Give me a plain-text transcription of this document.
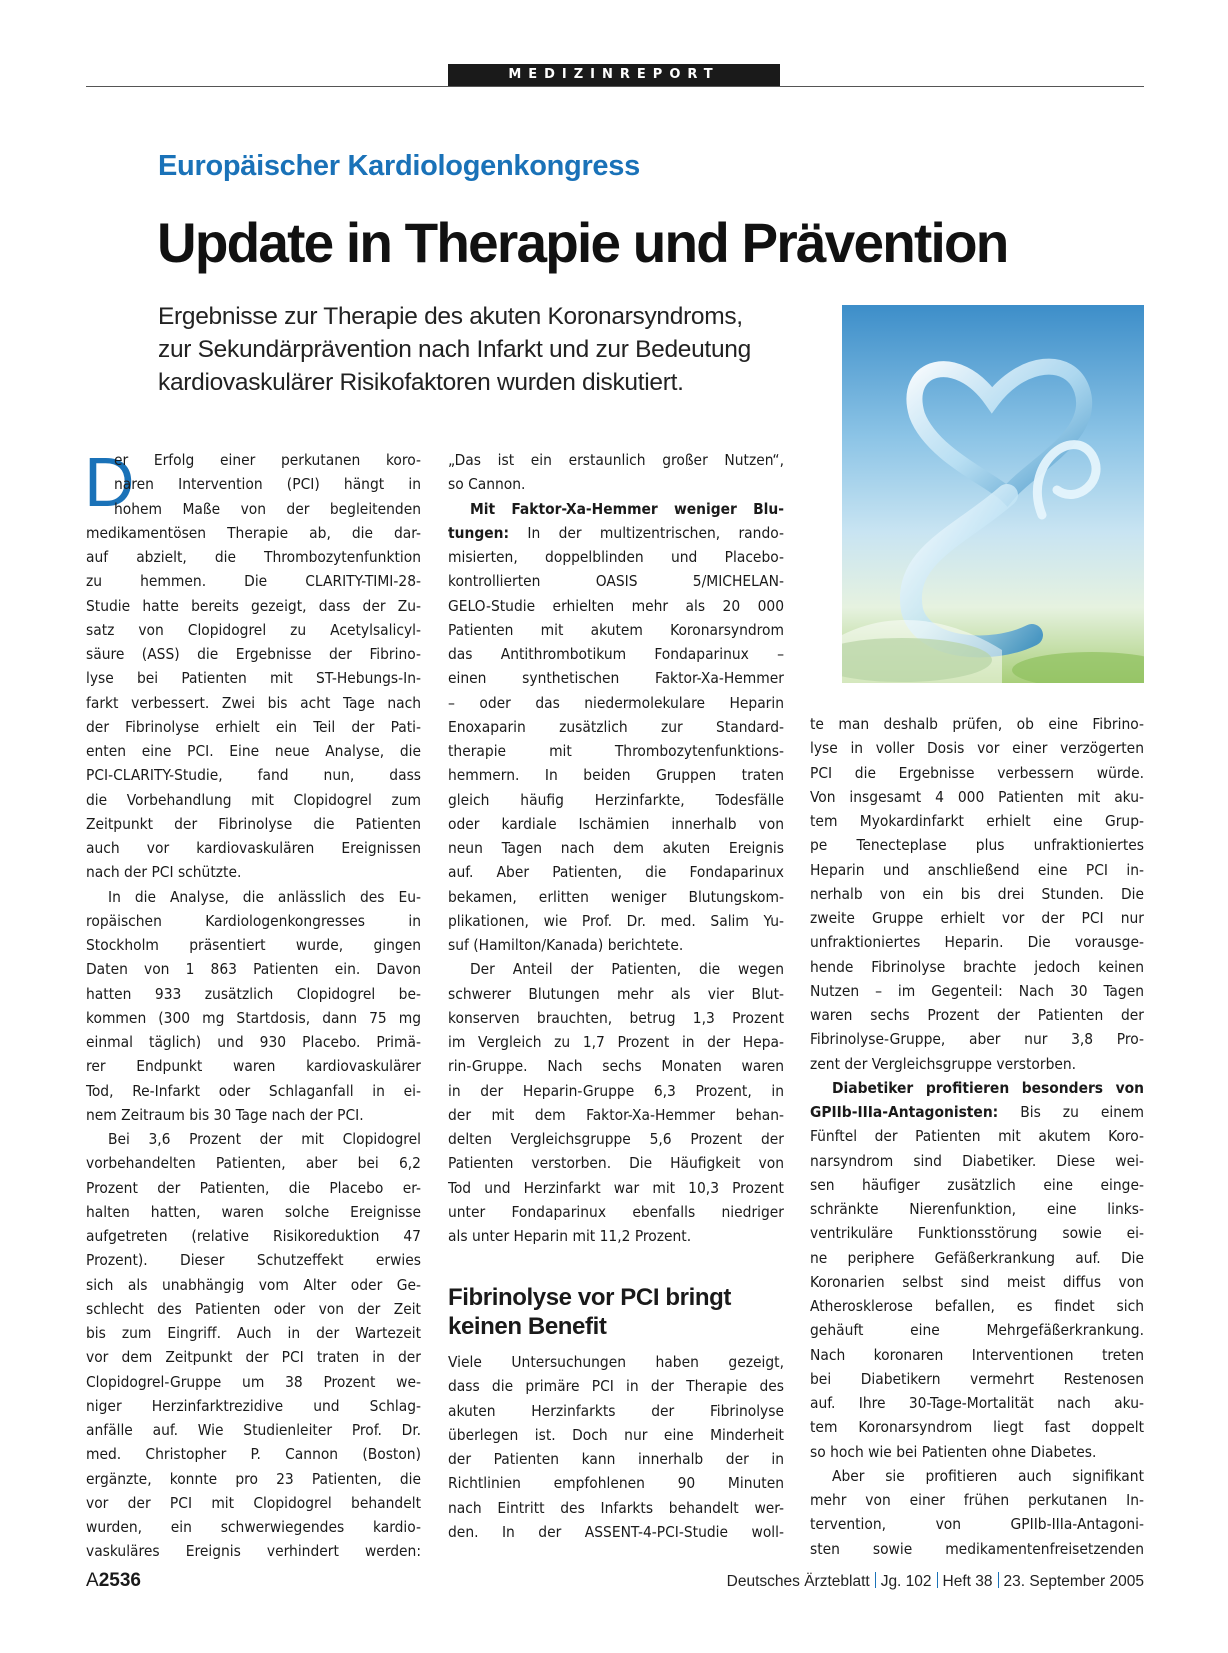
MEDIZINREPORT
Europäischer Kardiologenkongress
Update in Therapie und Prävention
Ergebnisse zur Therapie des akuten Koronarsyndroms,
zur Sekundärprävention nach Infarkt und zur Bedeutung
kardiovaskulärer Risikofaktoren wurden diskutiert.
D
er Erfolg einer perkutanen koro-
naren Intervention (PCI) hängt in
hohem Maße von der begleitenden
medikamentösen Therapie ab, die dar-
auf abzielt, die Thrombozytenfunktion
zu hemmen. Die CLARITY-TIMI-28-
Studie hatte bereits gezeigt, dass der Zu-
satz von Clopidogrel zu Acetylsalicyl-
säure (ASS) die Ergebnisse der Fibrino-
lyse bei Patienten mit ST-Hebungs-In-
farkt verbessert. Zwei bis acht Tage nach
der Fibrinolyse erhielt ein Teil der Pati-
enten eine PCI. Eine neue Analyse, die
PCI-CLARITY-Studie, fand nun, dass
die Vorbehandlung mit Clopidogrel zum
Zeitpunkt der Fibrinolyse die Patienten
auch vor kardiovaskulären Ereignissen
nach der PCI schützte.
In die Analyse, die anlässlich des Eu-
ropäischen Kardiologenkongresses in
Stockholm präsentiert wurde, gingen
Daten von 1 863 Patienten ein. Davon
hatten 933 zusätzlich Clopidogrel be-
kommen (300 mg Startdosis, dann 75 mg
einmal täglich) und 930 Placebo. Primä-
rer Endpunkt waren kardiovaskulärer
Tod, Re-Infarkt oder Schlaganfall in ei-
nem Zeitraum bis 30 Tage nach der PCI.
Bei 3,6 Prozent der mit Clopidogrel
vorbehandelten Patienten, aber bei 6,2
Prozent der Patienten, die Placebo er-
halten hatten, waren solche Ereignisse
aufgetreten (relative Risikoreduktion 47
Prozent). Dieser Schutzeffekt erwies
sich als unabhängig vom Alter oder Ge-
schlecht des Patienten oder von der Zeit
bis zum Eingriff. Auch in der Wartezeit
vor dem Zeitpunkt der PCI traten in der
Clopidogrel-Gruppe um 38 Prozent we-
niger Herzinfarktrezidive und Schlag-
anfälle auf. Wie Studienleiter Prof. Dr.
med. Christopher P. Cannon (Boston)
ergänzte, konnte pro 23 Patienten, die
vor der PCI mit Clopidogrel behandelt
wurden, ein schwerwiegendes kardio-
vaskuläres Ereignis verhindert werden:
„Das ist ein erstaunlich großer Nutzen“,
so Cannon.
Mit Faktor-Xa-Hemmer weniger Blu-
tungen: In der multizentrischen, rando-
misierten, doppelblinden und Placebo-
kontrollierten OASIS 5/MICHELAN-
GELO-Studie erhielten mehr als 20 000
Patienten mit akutem Koronarsyndrom
das Antithrombotikum Fondaparinux –
einen synthetischen Faktor-Xa-Hemmer
– oder das niedermolekulare Heparin
Enoxaparin zusätzlich zur Standard-
therapie mit Thrombozytenfunktions-
hemmern. In beiden Gruppen traten
gleich häufig Herzinfarkte, Todesfälle
oder kardiale Ischämien innerhalb von
neun Tagen nach dem akuten Ereignis
auf. Aber Patienten, die Fondaparinux
bekamen, erlitten weniger Blutungskom-
plikationen, wie Prof. Dr. med. Salim Yu-
suf (Hamilton/Kanada) berichtete.
Der Anteil der Patienten, die wegen
schwerer Blutungen mehr als vier Blut-
konserven brauchten, betrug 1,3 Prozent
im Vergleich zu 1,7 Prozent in der Hepa-
rin-Gruppe. Nach sechs Monaten waren
in der Heparin-Gruppe 6,3 Prozent, in
der mit dem Faktor-Xa-Hemmer behan-
delten Vergleichsgruppe 5,6 Prozent der
Patienten verstorben. Die Häufigkeit von
Tod und Herzinfarkt war mit 10,3 Prozent
unter Fondaparinux ebenfalls niedriger
als unter Heparin mit 11,2 Prozent.
Fibrinolyse vor PCI bringt
keinen Benefit
Viele Untersuchungen haben gezeigt,
dass die primäre PCI in der Therapie des
akuten Herzinfarkts der Fibrinolyse
überlegen ist. Doch nur eine Minderheit
der Patienten kann innerhalb der in
Richtlinien empfohlenen 90 Minuten
nach Eintritt des Infarkts behandelt wer-
den. In der ASSENT-4-PCI-Studie woll-
te man deshalb prüfen, ob eine Fibrino-
lyse in voller Dosis vor einer verzögerten
PCI die Ergebnisse verbessern würde.
Von insgesamt 4 000 Patienten mit aku-
tem Myokardinfarkt erhielt eine Grup-
pe Tenecteplase plus unfraktioniertes
Heparin und anschließend eine PCI in-
nerhalb von ein bis drei Stunden. Die
zweite Gruppe erhielt vor der PCI nur
unfraktioniertes Heparin. Die vorausge-
hende Fibrinolyse brachte jedoch keinen
Nutzen – im Gegenteil: Nach 30 Tagen
waren sechs Prozent der Patienten der
Fibrinolyse-Gruppe, aber nur 3,8 Pro-
zent der Vergleichsgruppe verstorben.
Diabetiker profitieren besonders von
GPIIb-IIIa-Antagonisten: Bis zu einem
Fünftel der Patienten mit akutem Koro-
narsyndrom sind Diabetiker. Diese wei-
sen häufiger zusätzlich eine einge-
schränkte Nierenfunktion, eine links-
ventrikuläre Funktionsstörung sowie ei-
ne periphere Gefäßerkrankung auf. Die
Koronarien selbst sind meist diffus von
Atherosklerose befallen, es findet sich
gehäuft eine Mehrgefäßerkrankung.
Nach koronaren Interventionen treten
bei Diabetikern vermehrt Restenosen
auf. Ihre 30-Tage-Mortalität nach aku-
tem Koronarsyndrom liegt fast doppelt
so hoch wie bei Patienten ohne Diabetes.
Aber sie profitieren auch signifikant
mehr von einer frühen perkutanen In-
tervention, von GPIIb-IIIa-Antagoni-
sten sowie medikamentenfreisetzenden
A2536	Deutsches Ärzteblatt Jg. 102 Heft 38 23. September 2005
